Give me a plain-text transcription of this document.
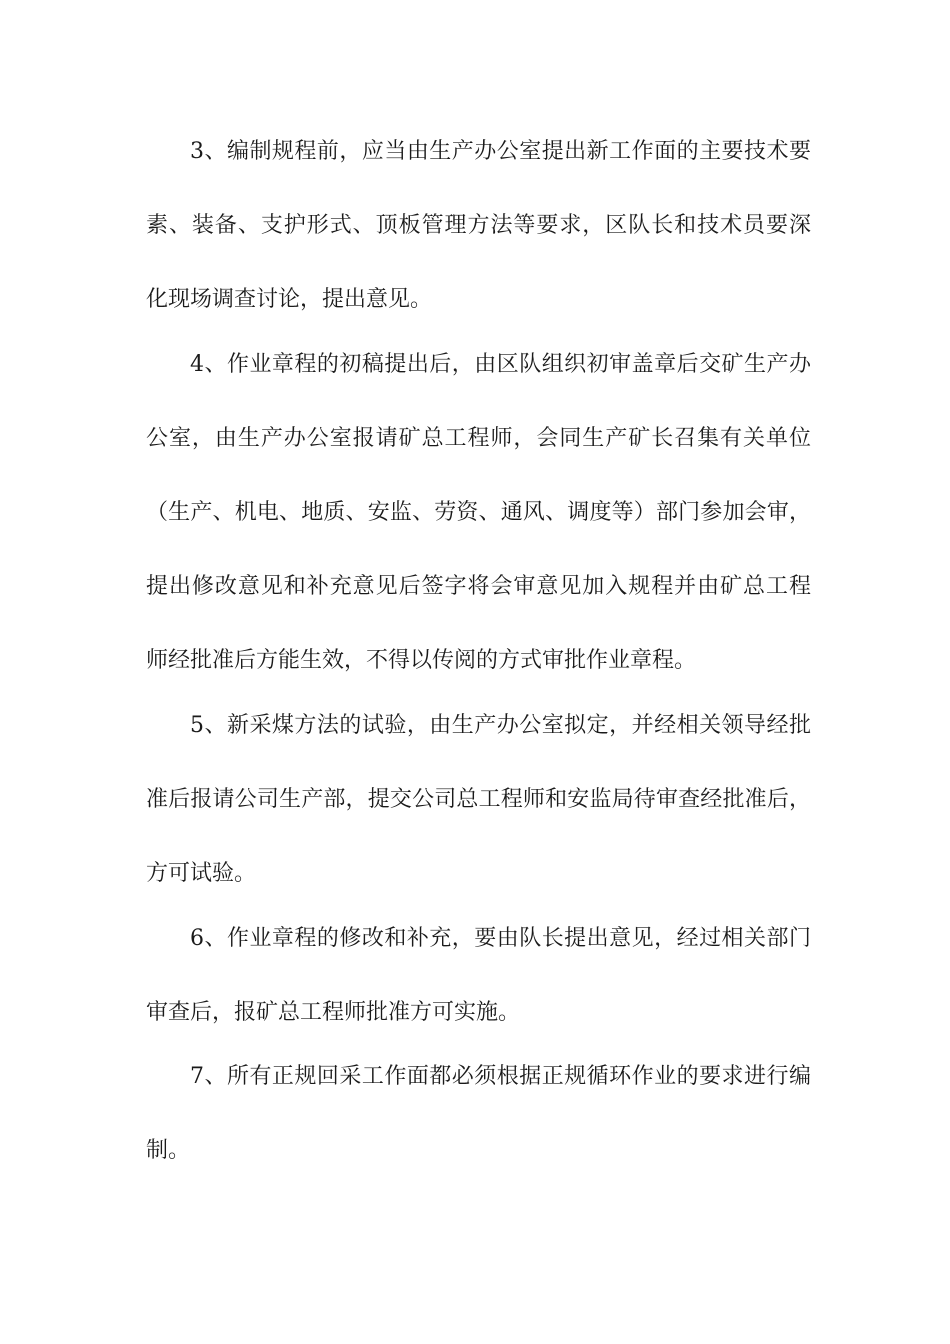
3、编制规程前，应当由生产办公室提出新工作面的主要技术要
素、装备、支护形式、顶板管理方法等要求，区队长和技术员要深
化现场调查讨论，提出意见。
4、作业章程的初稿提出后，由区队组织初审盖章后交矿生产办
公室，由生产办公室报请矿总工程师，会同生产矿长召集有关单位
（生产、机电、地质、安监、劳资、通风、调度等）部门参加会审，
提出修改意见和补充意见后签字将会审意见加入规程并由矿总工程
师经批准后方能生效，不得以传阅的方式审批作业章程。
5、新采煤方法的试验，由生产办公室拟定，并经相关领导经批
准后报请公司生产部，提交公司总工程师和安监局待审查经批准后，
方可试验。
6、作业章程的修改和补充，要由队长提出意见，经过相关部门
审查后，报矿总工程师批准方可实施。
7、所有正规回采工作面都必须根据正规循环作业的要求进行编
制。
